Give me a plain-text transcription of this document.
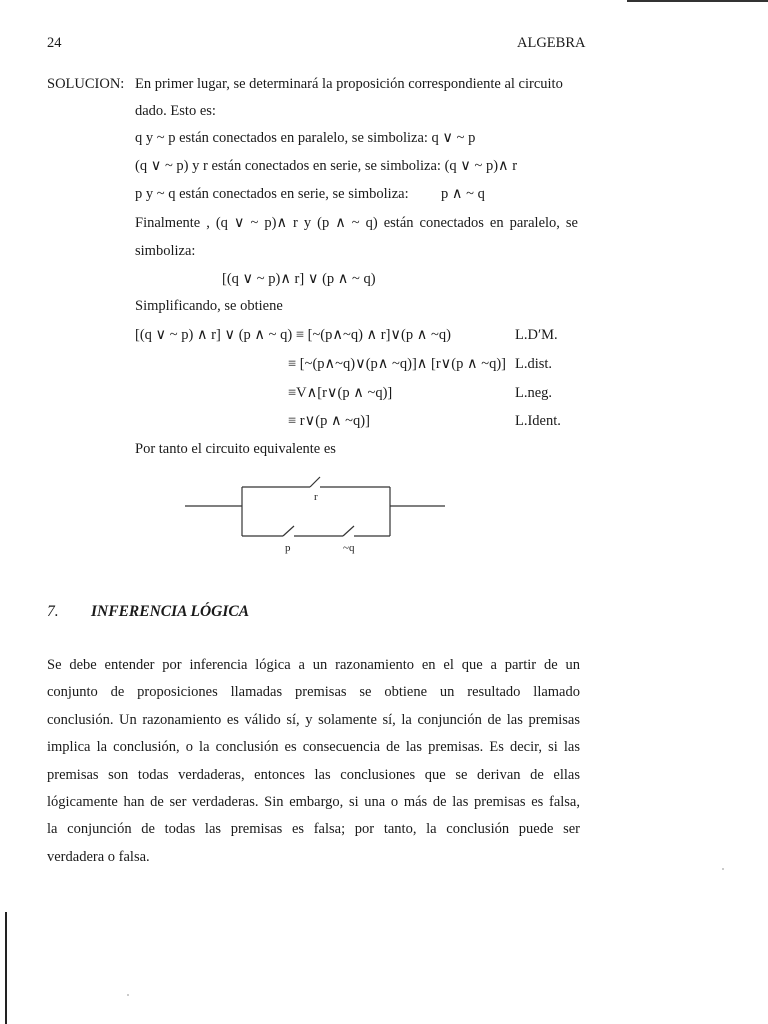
24	ALGEBRA
SOLUCION: En primer lugar, se determinará la proposición correspondiente al circuito
dado. Esto es:
q y ~ p están conectados en paralelo, se simboliza: q ∨ ~ p
(q ∨ ~ p) y r están conectados en serie, se simboliza: (q ∨ ~ p)∧ r
p y ~ q están conectados en serie, se simboliza: p ∧ ~ q
Finalmente , (q ∨ ~ p)∧ r y (p ∧ ~ q) están conectados en paralelo, se
simboliza:
[(q ∨ ~ p)∧ r] ∨ (p ∧ ~ q)
Simplificando, se obtiene
[(q ∨ ~ p) ∧ r] ∨ (p ∧ ~ q) ≡ [~(p∧~q) ∧ r]∨(p ∧ ~q)	L.D′M.
≡ [~(p∧~q)∨(p∧ ~q)]∧ [r∨(p ∧ ~q)] L.dist.
≡V∧[r∨(p ∧ ~q)]	L.neg.
≡ r∨(p ∧ ~q)]	L.Ident.
Por tanto el circuito equivalente es
r
p	~q
7. INFERENCIA LÓGICA
Se debe entender por inferencia lógica a un razonamiento en el que a partir de un
conjunto de proposiciones llamadas premisas se obtiene un resultado llamado
conclusión. Un razonamiento es válido sí, y solamente sí, la conjunción de las premisas
implica la conclusión, o la conclusión es consecuencia de las premisas. Es decir, si las
premisas son todas verdaderas, entonces las conclusiones que se derivan de ellas
lógicamente han de ser verdaderas. Sin embargo, si una o más de las premisas es falsa,
la conjunción de todas las premisas es falsa; por tanto, la conclusión puede ser
verdadera o falsa.
